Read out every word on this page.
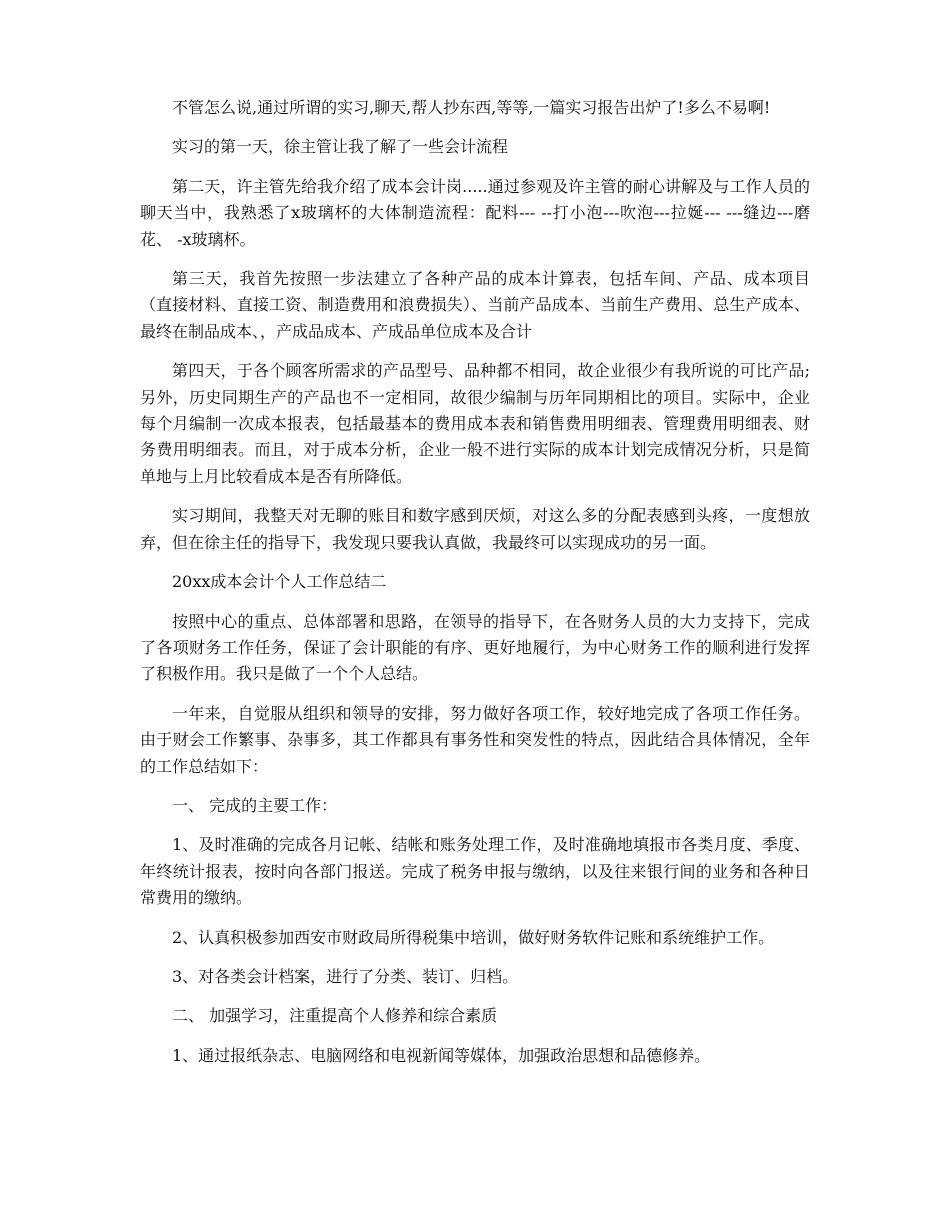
不管怎么说,通过所谓的实习,聊天,帮人抄东西,等等,一篇实习报告出炉了!多么不易啊!

实习的第一天，徐主管让我了解了一些会计流程

第二天，许主管先给我介绍了成本会计岗.....通过参观及许主管的耐心讲解及与工作人员的聊天当中，我熟悉了x玻璃杯的大体制造流程：配料--- --打小泡---吹泡---拉娫--- ---缝边---磨花、 -x玻璃杯。

第三天，我首先按照一步法建立了各种产品的成本计算表，包括车间、产品、成本项目（直接材料、直接工资、制造费用和浪费损失）、当前产品成本、当前生产费用、总生产成本、最终在制品成本、，产成品成本、产成品单位成本及合计

第四天，于各个顾客所需求的产品型号、品种都不相同，故企业很少有我所说的可比产品;另外，历史同期生产的产品也不一定相同，故很少编制与历年同期相比的项目。实际中，企业每个月编制一次成本报表，包括最基本的费用成本表和销售费用明细表、管理费用明细表、财务费用明细表。而且，对于成本分析，企业一般不进行实际的成本计划完成情况分析，只是简单地与上月比较看成本是否有所降低。

实习期间，我整天对无聊的账目和数字感到厌烦，对这么多的分配表感到头疼，一度想放弃，但在徐主任的指导下，我发现只要我认真做，我最终可以实现成功的另一面。

20xx成本会计个人工作总结二

按照中心的重点、总体部署和思路，在领导的指导下，在各财务人员的大力支持下，完成了各项财务工作任务，保证了会计职能的有序、更好地履行，为中心财务工作的顺利进行发挥了积极作用。我只是做了一个个人总结。

一年来，自觉服从组织和领导的安排，努力做好各项工作，较好地完成了各项工作任务。 由于财会工作繁事、杂事多，其工作都具有事务性和突发性的特点，因此结合具体情况，全年的工作总结如下：

一、 完成的主要工作：

1、及时准确的完成各月记帐、结帐和账务处理工作，及时准确地填报市各类月度、季度、年终统计报表，按时向各部门报送。完成了税务申报与缴纳，以及往来银行间的业务和各种日常费用的缴纳。

2、认真积极参加西安市财政局所得税集中培训，做好财务软件记账和系统维护工作。

3、对各类会计档案，进行了分类、装订、归档。

二、 加强学习，注重提高个人修养和综合素质

1、通过报纸杂志、电脑网络和电视新闻等媒体，加强政治思想和品德修养。
